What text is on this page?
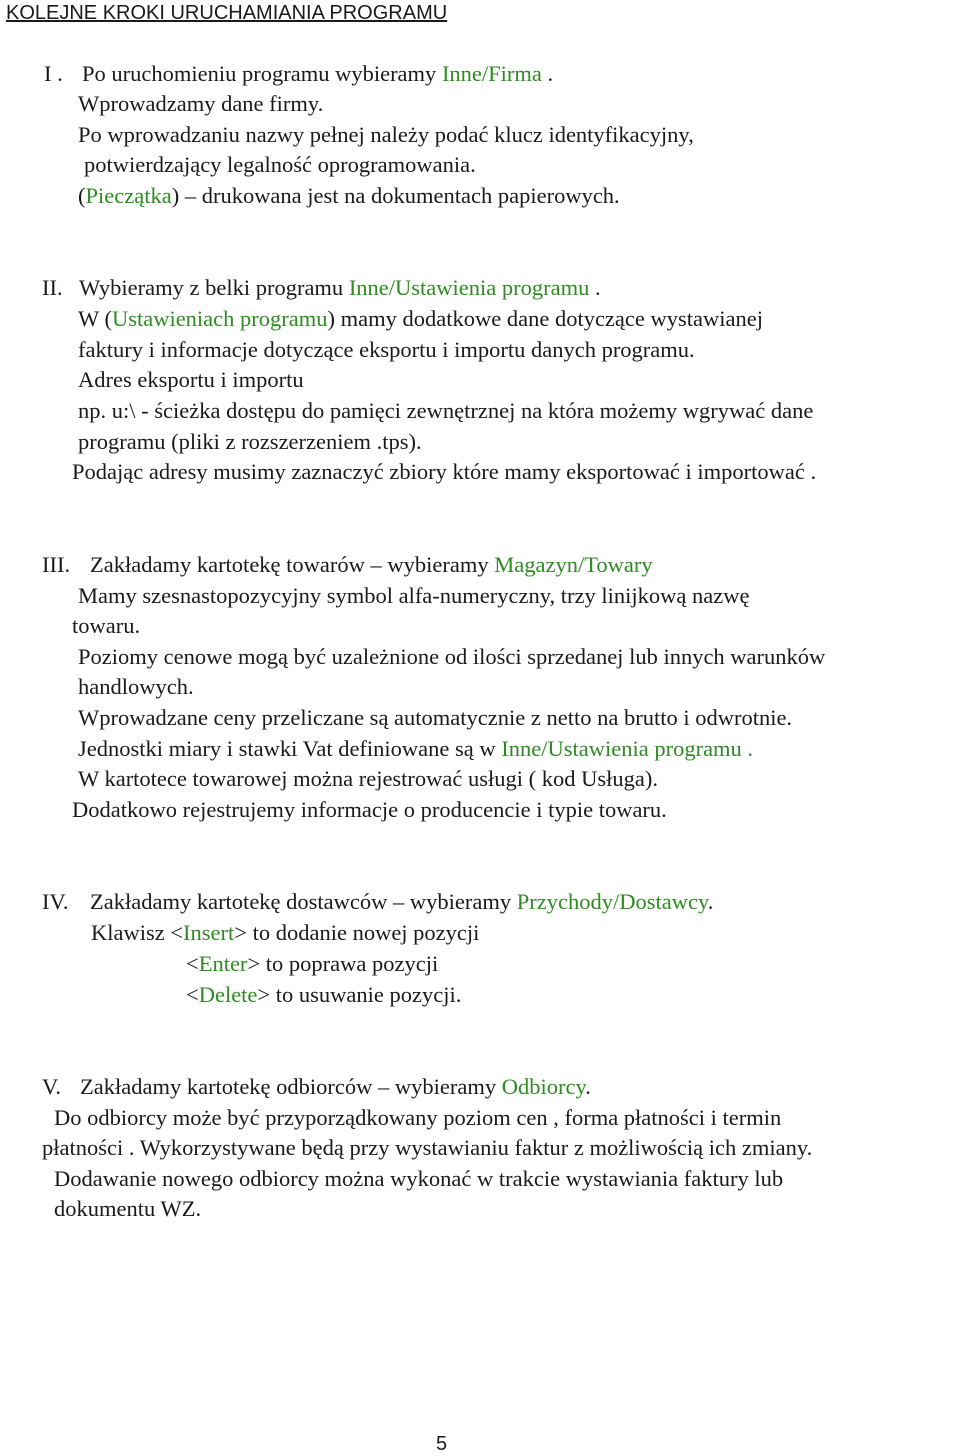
KOLEJNE KROKI URUCHAMIANIA PROGRAMU
I . Po uruchomieniu programu wybieramy Inne/Firma .
Wprowadzamy dane firmy.
Po wprowadzaniu nazwy pełnej należy podać klucz identyfikacyjny,
potwierdzający legalność oprogramowania.
(Pieczątka) – drukowana jest na dokumentach papierowych.
II. Wybieramy z belki programu Inne/Ustawienia programu .
W (Ustawieniach programu) mamy dodatkowe dane dotyczące wystawianej
faktury i informacje dotyczące eksportu i importu danych programu.
Adres eksportu i importu
np. u:\ - ścieżka dostępu do pamięci zewnętrznej na która możemy wgrywać dane
programu (pliki z rozszerzeniem .tps).
Podając adresy musimy zaznaczyć zbiory które mamy eksportować i importować .
III. Zakładamy kartotekę towarów – wybieramy Magazyn/Towary
Mamy szesnastopozycyjny symbol alfa-numeryczny, trzy linijkową nazwę
towaru.
Poziomy cenowe mogą być uzależnione od ilości sprzedanej lub innych warunków
handlowych.
Wprowadzane ceny przeliczane są automatycznie z netto na brutto i odwrotnie.
Jednostki miary i stawki Vat definiowane są w Inne/Ustawienia programu .
W kartotece towarowej można rejestrować usługi ( kod Usługa).
Dodatkowo rejestrujemy informacje o producencie i typie towaru.
IV. Zakładamy kartotekę dostawców – wybieramy Przychody/Dostawcy.
Klawisz <Insert> to dodanie nowej pozycji
<Enter> to poprawa pozycji
<Delete> to usuwanie pozycji.
V. Zakładamy kartotekę odbiorców – wybieramy Odbiorcy.
Do odbiorcy może być przyporządkowany poziom cen , forma płatności i termin
płatności . Wykorzystywane będą przy wystawianiu faktur z możliwością ich zmiany.
Dodawanie nowego odbiorcy można wykonać w trakcie wystawiania faktury lub
dokumentu WZ.
5
